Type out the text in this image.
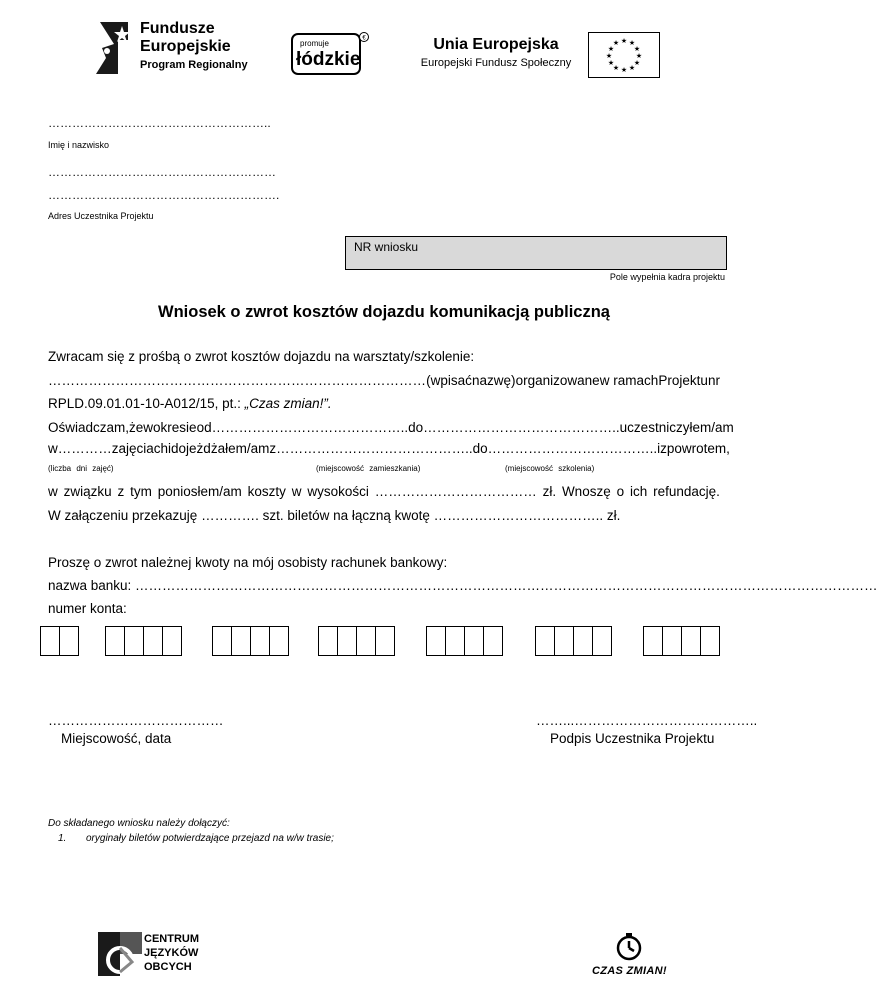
Fundusze
Europejskie
Program Regionalny
€
promuje
łódzkie
Unia Europejska
Europejski Fundusz Społeczny
★ ★
★
★
★
★
★
★
★
★
★
★
………………………………………………..
Imię i nazwisko
…………………………………………………
………………………………………………….
Adres Uczestnika Projektu
NR wniosku
Pole wypełnia kadra projektu
Wniosek o zwrot kosztów dojazdu komunikacją publiczną
Zwracam się z prośbą o zwrot kosztów dojazdu na warsztaty/szkolenie:
………………………………………………………………………… (wpisać nazwę) organizowane w ramach Projektu nr
RPLD.09.01.01-10-A012/15, pt.: „Czas zmian!”.
Oświadczam, że w okresie od …………………………………….. do …………………………………….. uczestniczyłem/am
w ………… zajęciach i dojeżdżałem/am z …………………………………….. do ……………………………….. i z powrotem,
(liczba dni zajęć)	(miejscowość zamieszkania)	(miejscowość szkolenia)
w związku z tym poniosłem/am koszty w wysokości ……………………………… zł. Wnoszę o ich refundację.
W załączeniu przekazuję …………. szt. biletów na łączną kwotę ……………………………….. zł.
Proszę o zwrot należnej kwoty na mój osobisty rachunek bankowy:
nazwa banku: …………………………………………………………………………………………………………………………………………………
numer konta:
…………………………………
Miejscowość, data
……...…………………………………..
Podpis Uczestnika Projektu
Do składanego wniosku należy dołączyć:
1. oryginały biletów potwierdzające przejazd na w/w trasie;
CENTRUM
JĘZYKÓW
OBCYCH	CZAS ZMIAN!
